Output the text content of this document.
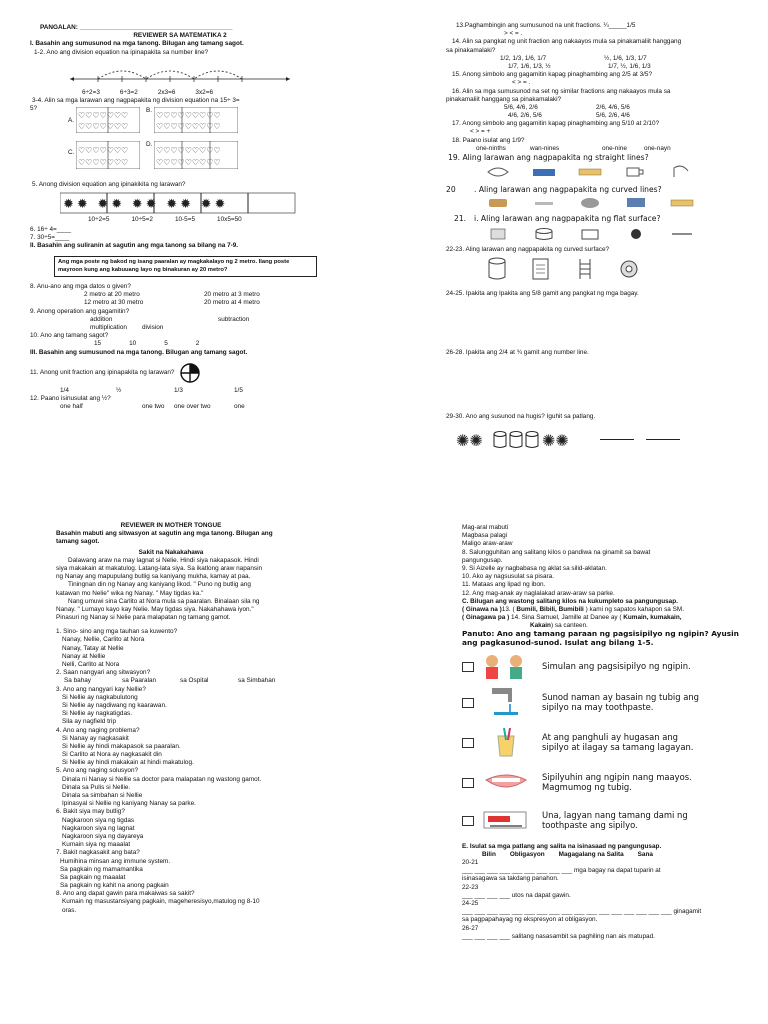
PANGALAN: ___________________________________________
REVIEWER SA MATEMATIKA 2
I. Basahin ang sumusunod na mga tanong. Bilugan ang tamang sagot.
1-2. Ano ang division equation na ipinapakita sa number line?
6÷2=3	6÷3=2	2x3=6	3x2=6
3-4. Alin sa mga larawan ang nagpapakita ng division equation na 15÷ 3=
5?
A.
♡♡♡♡♡♡♡
♡♡♡♡♡♡♡
B.
♡♡♡♡♡♡♡♡♡
♡♡♡♡♡♡♡♡♡
C. ♡♡♡♡♡♡♡
♡♡♡♡♡♡♡
D.
♡♡♡♡♡♡♡♡♡
♡♡♡♡♡♡♡♡♡
5. Anong division equation ang ipinakikita ng larawan?
✹✹ ✹✹ ✹✹ ✹✹ ✹✹
10÷2=5	10÷5=2	10-5=5	10x5=50
6. 16÷ 4=____
7. 30÷5=____
II. Basahin ang suliranin at sagutin ang mga tanong sa bilang na 7-9.
Ang mga poste ng bakod ng isang paaralan ay magkakalayo ng 2 metro. Ilang poste mayroon kung ang kabuuang layo ng binakuran ay 20 metro?
8. Anu-ano ang mga datos o given?
2 metro at 20 metro	20 metro at 3 metro
12 metro at 30 metro	20 metro at 4 metro
9. Anong operation ang gagamitin?
addition	subtraction
multiplication	division
10. Ano ang tamang sagot?
15	10	5	2
III. Basahin ang sumusunod na mga tanong. Bilugan ang tamang sagot.
11. Anong unit fraction ang ipinapakita ng larawan?
1/4	½	1/3	1/5
12. Paano isinusulat ang ½?
one half	one two	one over two	one
13.Paghambingin ang sumusunod na unit fractions. ¼_____1/5
> < = .
14. Alin sa pangkat ng unit fraction ang nakaayos mula sa pinakamaliit hanggang
sa pinakamalaki?
1/2, 1/3, 1/6, 1/7	½, 1/6, 1/3, 1/7
1/7, 1/6, 1/3, ½	1/7, ½, 1/6, 1/3
15. Anong simbolo ang gagamitin kapag pinaghambing ang 2/5 at 3/5?
< > = .
16. Alin sa mga sumusunod na set ng similar fractions ang nakaayos mula sa
pinakamaliit hanggang sa pinakamalaki?
5/6, 4/6, 2/6	2/6, 4/6, 5/6
4/6, 2/6, 5/6	5/6, 2/6, 4/6
17. Anong simbolo ang gagamitin kapag pinaghambing ang 5/10 at 2/10?
< > = +
18. Paano isulat ang 1/9?
one-ninths	wan-nines	one-nine	one-nayn
19. Aling larawan ang nagpapakita ng straight lines?
20	. Aling larawan ang nagpapakita ng curved lines?
21.	i. Aling larawan ang nagpapakita ng flat surface?
22-23. Aling larawan ang nagpapakita ng curved surface?
24-25. Ipakita ang Ipakita ang 5/8 gamit ang pangkat ng mga bagay.
26-28. Ipakita ang 2/4 at ¾ gamit ang number line.
29-30. Ano ang susunod na hugis? Iguhit sa patlang.
✺✺	✺✺
REVIEWER IN MOTHER TONGUE
Basahin mabuti ang sitwasyon at sagutin ang mga tanong. Bilugan ang
tamang sagot.
Sakit na Nakakahawa
Dalawang araw na may lagnat si Nelie. Hindi siya nakapasok. Hindi
siya makakain at makatulog. Latang-lata siya. Sa ikatlong araw napansin
ng Nanay ang mapupulang butlig sa kaniyang mukha, kamay at paa.
Tiningnan din ng Nanay ang kaniyang likod. " Puno ng butlig ang
katawan mo Nelie" wika ng Nanay. " May tigdas ka."
Nang umuwi sina Carlito at Nora mula sa paaralan. Binalaan sila ng
Nanay. " Lumayo kayo kay Nelie. May tigdas siya. Nakahahawa iyon."
Pinasuri ng Nanay si Nelie para malapatan ng tamang gamot.
1. Sino- sino ang mga tauhan sa kuwento?
Nanay, Nellie, Carlito at Nora
Nanay, Tatay at Nellie
Nanay at Nellie
Nelli, Carlito at Nora
2. Saan nangyari ang sitwasyon?
Sa bahay	sa Paaralan	sa Ospital	sa Simbahan
3. Ano ang nangyari kay Nellie?
Si Nellie ay nagkabulutong
Si Nellie ay nagdiwang ng kaarawan.
Si Nellie ay nagkatigdas.
Sila ay nagfield trip
4. Ano ang naging problema?
Si Nanay ay nagkasakit
Si Nellie ay hindi makapasok sa paaralan.
Si Carlito at Nora ay nagkasakit din
Si Nellie ay hindi makakain at hindi makatulog.
5. Ano ang naging solusyon?
Dinala ni Nanay si Nellie sa doctor para malapatan ng wastong gamot.
Dinala sa Pulis si Nellie.
Dinala sa simbahan si Nellie
Ipinasyal si Nellie ng kaniyang Nanay sa parke.
6. Bakit siya may butlig?
Nagkaroon siya ng tigdas
Nagkaroon siya ng lagnat
Nagkaroon siya ng dayareya
Kumain siya ng maaalat
7. Bakit nagkasakit ang bata?
Humihina minsan ang immune system.
Sa pagkain ng mamamantika
Sa pagkain ng maaalat
Sa pagkain ng kahit na anong pagkain
8. Ano ang dapat gawin para makaiwas sa sakit?
Kumain ng masustansiyang pagkain, mageheresisyo,matulog ng 8-10
oras.
Mag-aral mabuti
Magbasa palagi
Maligo araw-araw
8. Salungguhitan ang salitang kilos o pandiwa na ginamit sa bawat
pangungusap.
9. Si Aizelle ay nagbabasa ng aklat sa silid-aklatan.
10. Ako ay nagsusulat sa pisara.
11. Mataas ang lipad ng ibon.
12. Ang mag-anak ay naglalakad araw-araw sa parke.
C. Bilugan ang wastong salitang kilos na kukumpleto sa pangungusap.
( Ginawa na )13. ( Bumili, Bibili, Bumibili ) kami ng sapatos kahapon sa SM.
( Ginagawa pa ) 14. Sina Samuel, Jamille at Danee ay ( Kumain, kumakain,
Kakain) sa canteen.
Panuto: Ano ang tamang paraan ng pagsisipilyo ng ngipin? Ayusin ang pagkasunod-sunod. Isulat ang bilang 1-5.
Simulan ang pagsisipilyo ng ngipin.
Sunod naman ay basain ng tubig ang sipilyo na may toothpaste.
At ang panghuli ay hugasan ang sipilyo at ilagay sa tamang lagayan.
Sipilyuhin ang ngipin nang maayos. Magmumog ng tubig.
Una, lagyan nang tamang dami ng toothpaste ang sipilyo.
E. Isulat sa mga patlang ang salita na isinasaad ng pangungusap.
Bilin Obligasyon Magagalang na Salita Sana
20-21
___ ___ ___ ___ ___ ___ ___ ___ ___ mga bagay na dapat tuparin at
isinasagawa sa takdang panahon.
22-23
___ ___ ___ ___ utos na dapat gawin.
24-25
___ ___ ___ ___ ___ ___ ___ ___ ___ ___ ___ ___ ___ ___ ___ ___ ___ ginagamit
sa pagpapahayag ng ekspresyon at obligasyon.
26-27
___ ___ ___ ___ salitang nasasambit sa paghiling nan ais matupad.
